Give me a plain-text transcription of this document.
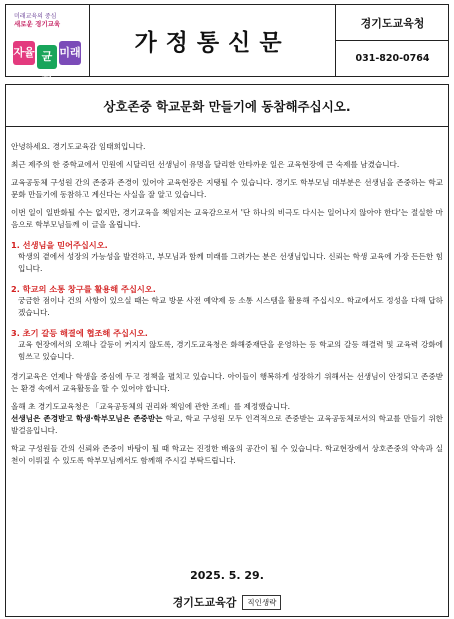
미래교육의 중심
새로운 경기교육
자율 균형
미래	가정통신문
경기도교육청
031-820-0764
상호존중 학교문화 만들기에 동참해주십시오.
안녕하세요. 경기도교육감 임태희입니다.
최근 제주의 한 중학교에서 민원에 시달리던 선생님이 유명을 달리한 안타까운 일은 교육현장에 큰 숙제를 남겼습니다.
교육공동체 구성원 간의 존중과 존경이 있어야 교육현장은 지탱될 수 있습니다. 경기도 학부모님 대부분은 선생님을 존중하는 학교문화 만들기에 동참하고 계신다는 사실을 잘 알고 있습니다.
이번 일이 일반화될 수는 없지만, 경기교육을 책임지는 교육감으로서 '단 하나의 비극도 다시는 일어나지 않아야 한다'는 절실한 마음으로 학부모님들께 이 글을 올립니다.
1. 선생님을 믿어주십시오.
학생의 곁에서 성장의 가능성을 발견하고, 부모님과 함께 미래를 그려가는 분은 선생님입니다. 신뢰는 학생 교육에 가장 든든한 힘입니다.
2. 학교의 소통 창구를 활용해 주십시오.
궁금한 점이나 건의 사항이 있으실 때는 학교 방문 사전 예약제 등 소통 시스템을 활용해 주십시오. 학교에서도 정성을 다해 답하겠습니다.
3. 초기 갈등 해결에 협조해 주십시오.
교육 현장에서의 오해나 갈등이 커지지 않도록, 경기도교육청은 화해중재단을 운영하는 등 학교의 갈등 해결력 및 교육력 강화에 힘쓰고 있습니다.
경기교육은 언제나 학생을 중심에 두고 정책을 펼치고 있습니다. 아이들이 행복하게 성장하기 위해서는 선생님이 안정되고 존중받는 환경 속에서 교육활동을 할 수 있어야 합니다.
올해 초 경기도교육청은 「교육공동체의 권리와 책임에 관한 조례」를 제정했습니다.
선생님은 존경받고 학생·학부모님은 존중받는 학교, 학교 구성원 모두 인격적으로 존중받는 교육공동체로서의 학교를 만들기 위한 발걸음입니다.
학교 구성원들 간의 신뢰와 존중이 바탕이 될 때 학교는 진정한 배움의 공간이 될 수 있습니다. 학교현장에서 상호존중의 약속과 실천이 이뤄질 수 있도록 학부모님께서도 함께해 주시길 부탁드립니다.
2025. 5. 29.
경기도교육감	직인생략
